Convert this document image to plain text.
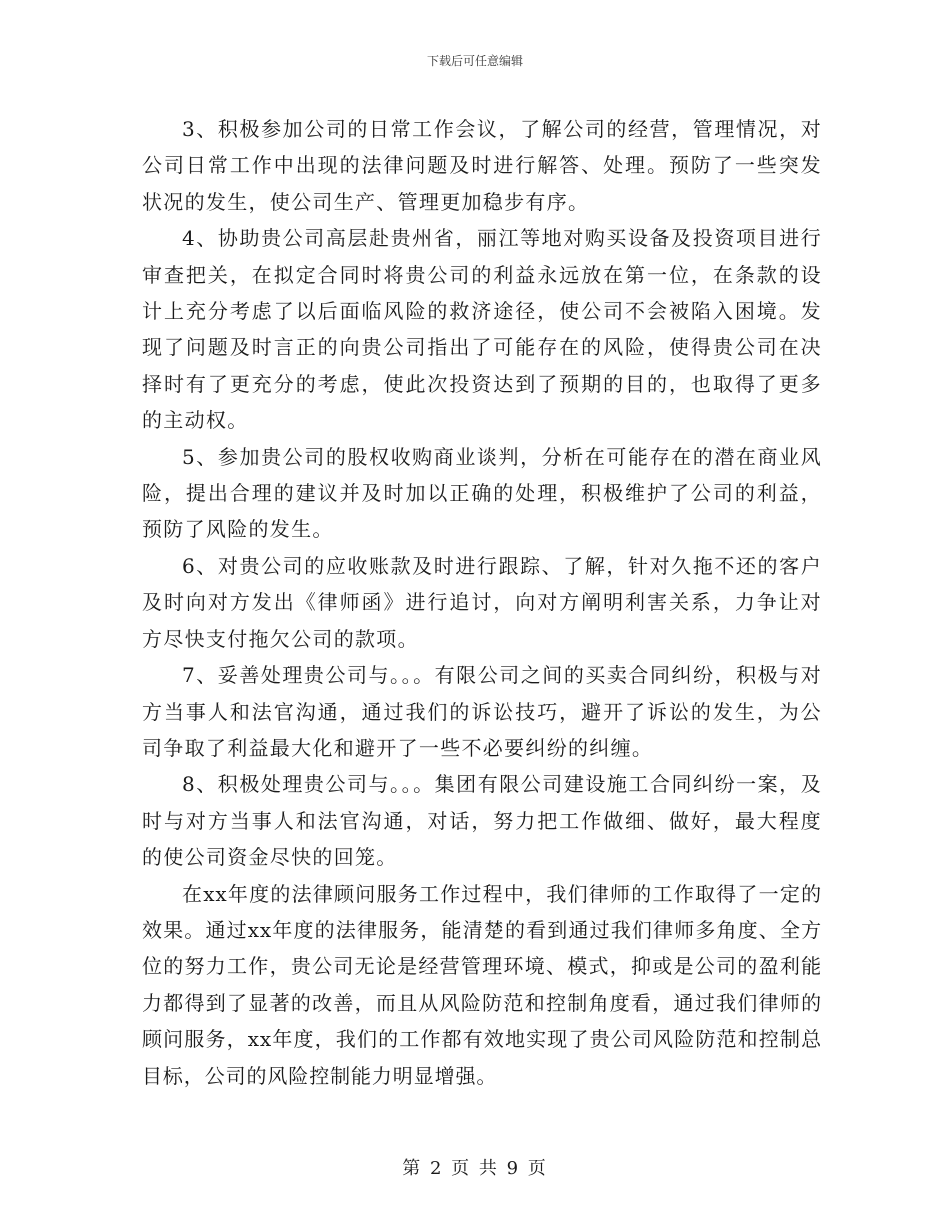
下载后可任意编辑

3、积极参加公司的日常工作会议，了解公司的经营，管理情况，对公司日常工作中出现的法律问题及时进行解答、处理。预防了一些突发状况的发生，使公司生产、管理更加稳步有序。

4、协助贵公司高层赴贵州省，丽江等地对购买设备及投资项目进行审查把关，在拟定合同时将贵公司的利益永远放在第一位，在条款的设计上充分考虑了以后面临风险的救济途径，使公司不会被陷入困境。发现了问题及时言正的向贵公司指出了可能存在的风险，使得贵公司在决择时有了更充分的考虑，使此次投资达到了预期的目的，也取得了更多的主动权。

5、参加贵公司的股权收购商业谈判，分析在可能存在的潜在商业风险，提出合理的建议并及时加以正确的处理，积极维护了公司的利益，预防了风险的发生。

6、对贵公司的应收账款及时进行跟踪、了解，针对久拖不还的客户及时向对方发出《律师函》进行追讨，向对方阐明利害关系，力争让对方尽快支付拖欠公司的款项。

7、妥善处理贵公司与。。。有限公司之间的买卖合同纠纷，积极与对方当事人和法官沟通，通过我们的诉讼技巧，避开了诉讼的发生，为公司争取了利益最大化和避开了一些不必要纠纷的纠缠。

8、积极处理贵公司与。。。集团有限公司建设施工合同纠纷一案，及时与对方当事人和法官沟通，对话，努力把工作做细、做好，最大程度的使公司资金尽快的回笼。

在xx年度的法律顾问服务工作过程中，我们律师的工作取得了一定的效果。通过xx年度的法律服务，能清楚的看到通过我们律师多角度、全方位的努力工作，贵公司无论是经营管理环境、模式，抑或是公司的盈利能力都得到了显著的改善，而且从风险防范和控制角度看，通过我们律师的顾问服务，xx年度，我们的工作都有效地实现了贵公司风险防范和控制总目标，公司的风险控制能力明显增强。

第 2 页 共 9 页
